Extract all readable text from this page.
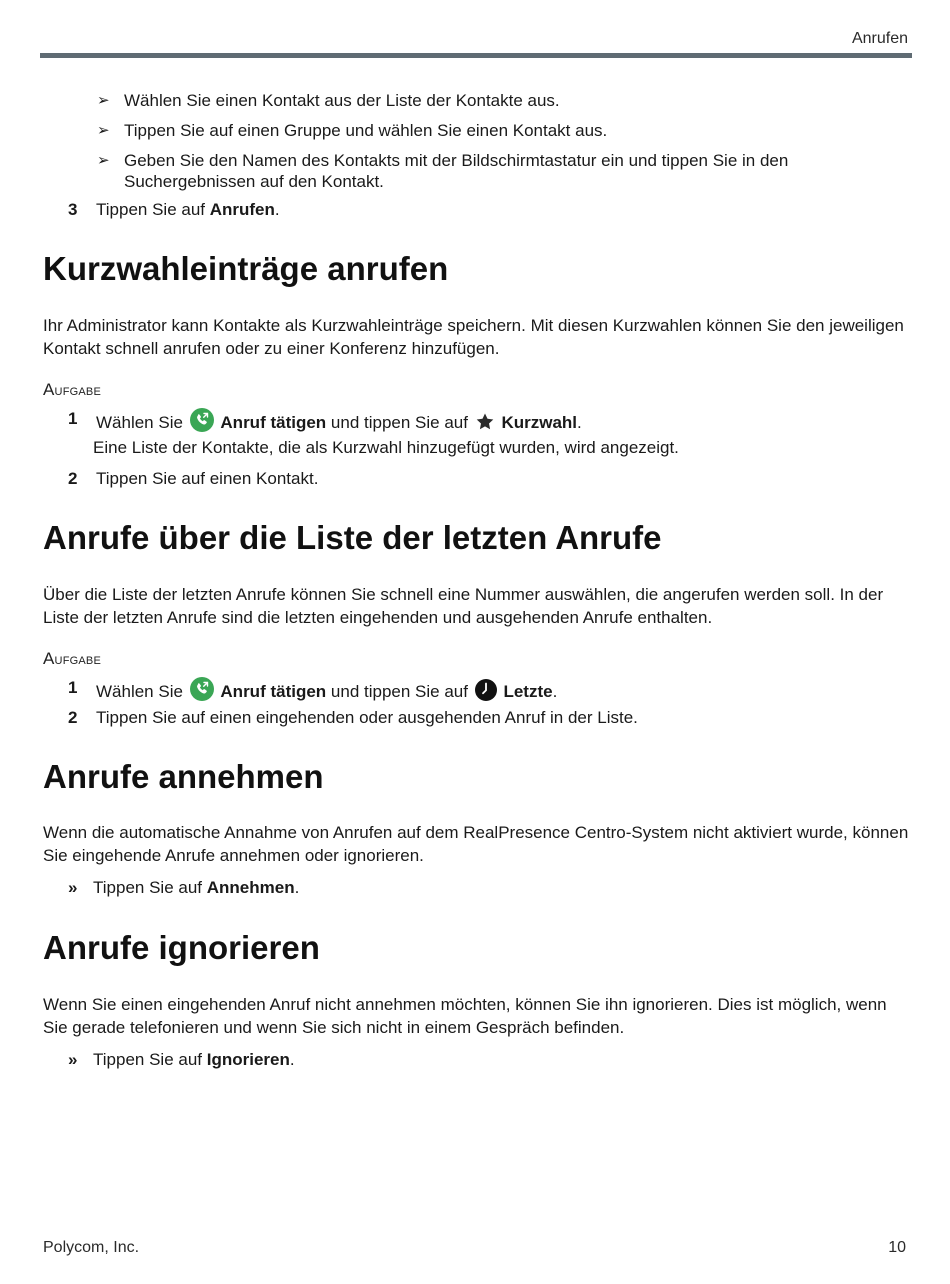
Anrufen
➢ Wählen Sie einen Kontakt aus der Liste der Kontakte aus.
➢ Tippen Sie auf einen Gruppe und wählen Sie einen Kontakt aus.
➢ Geben Sie den Namen des Kontakts mit der Bildschirmtastatur ein und tippen Sie in den Suchergebnissen auf den Kontakt.
3 Tippen Sie auf Anrufen.
Kurzwahleinträge anrufen
Ihr Administrator kann Kontakte als Kurzwahleinträge speichern. Mit diesen Kurzwahlen können Sie den jeweiligen Kontakt schnell anrufen oder zu einer Konferenz hinzufügen.
Aufgabe
1 Wählen Sie Anruf tätigen und tippen Sie auf  Kurzwahl.
Eine Liste der Kontakte, die als Kurzwahl hinzugefügt wurden, wird angezeigt.
2 Tippen Sie auf einen Kontakt.
Anrufe über die Liste der letzten Anrufe
Über die Liste der letzten Anrufe können Sie schnell eine Nummer auswählen, die angerufen werden soll. In der Liste der letzten Anrufe sind die letzten eingehenden und ausgehenden Anrufe enthalten.
Aufgabe
1 Wählen Sie Anruf tätigen und tippen Sie auf  Letzte.
2 Tippen Sie auf einen eingehenden oder ausgehenden Anruf in der Liste.
Anrufe annehmen
Wenn die automatische Annahme von Anrufen auf dem RealPresence Centro-System nicht aktiviert wurde, können Sie eingehende Anrufe annehmen oder ignorieren.
» Tippen Sie auf Annehmen.
Anrufe ignorieren
Wenn Sie einen eingehenden Anruf nicht annehmen möchten, können Sie ihn ignorieren. Dies ist möglich, wenn Sie gerade telefonieren und wenn Sie sich nicht in einem Gespräch befinden.
» Tippen Sie auf Ignorieren.
Polycom, Inc.	10
